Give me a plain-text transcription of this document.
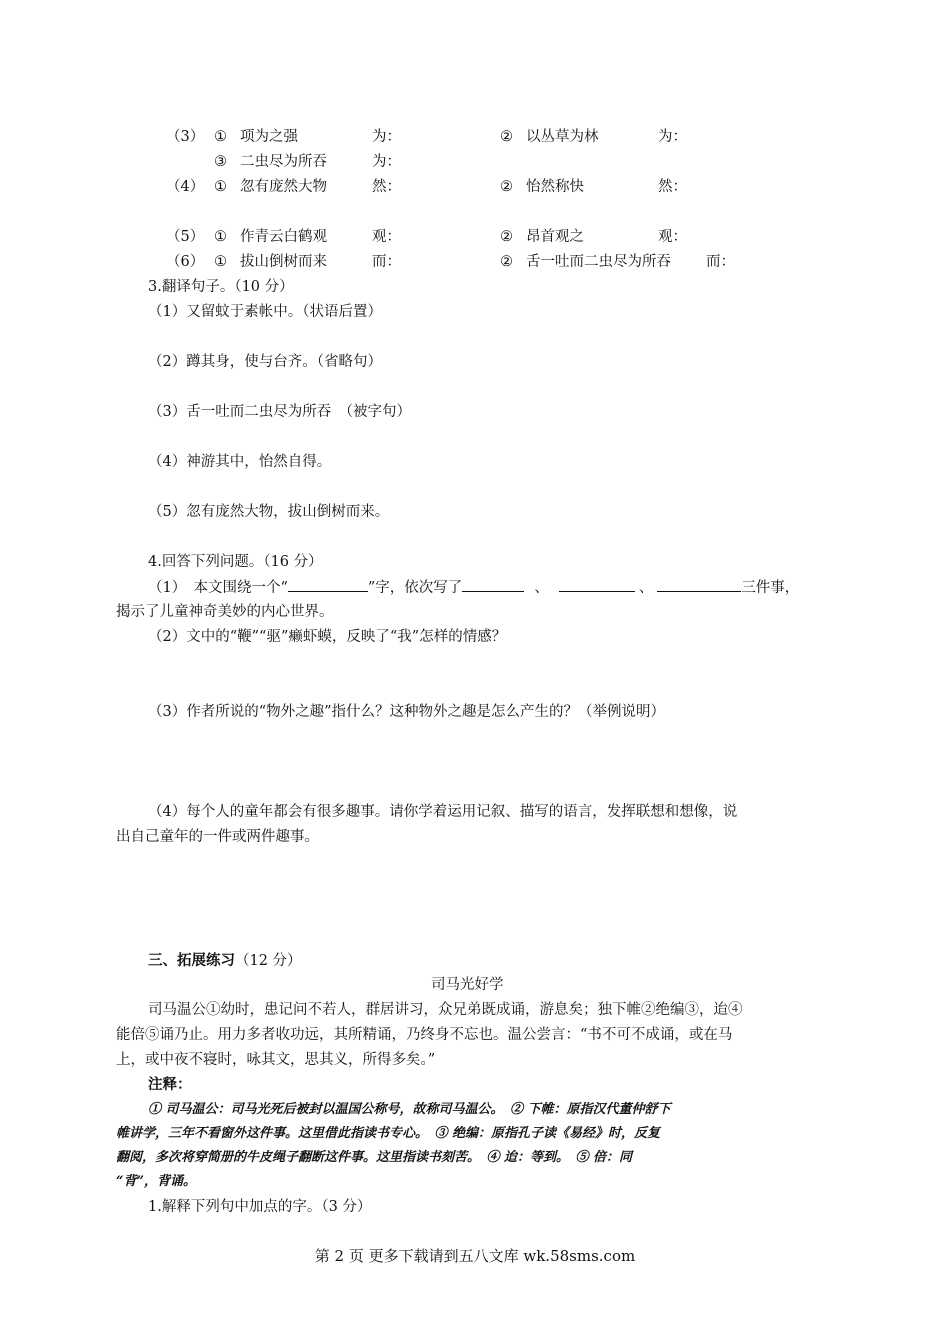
（3） ① 项为之强	为：	② 以丛草为林	为：
③ 二虫尽为所吞	为：
（4） ① 忽有庞然大物	然：	② 怡然称快	然：
（5） ① 作青云白鹤观	观：	② 昂首观之	观：
（6） ① 拔山倒树而来	而：	② 舌一吐而二虫尽为所吞 而：
3.翻译句子。（10 分）
（1）又留蚊于素帐中。（状语后置）
（2）蹲其身，使与台齐。（省略句）
（3）舌一吐而二虫尽为所吞　（被字句）
（4）神游其中，怡然自得。
（5）忽有庞然大物，拔山倒树而来。
4.回答下列问题。（16 分）
（1）　本文围绕一个“	”字，依次写了	、	、	三件事，
揭示了儿童神奇美妙的内心世界。
（2）文中的“鞭”“驱”癞虾蟆，反映了“我”怎样的情感？
（3）作者所说的“物外之趣”指什么？这种物外之趣是怎么产生的？（举例说明）
（4）每个人的童年都会有很多趣事。请你学着运用记叙、描写的语言，发挥联想和想像，说
出自己童年的一件或两件趣事。
三、拓展练习（12 分）
司马光好学
司马温公①幼时，患记问不若人，群居讲习，众兄弟既成诵，游息矣；独下帷②绝编③，迨④
能倍⑤诵乃止。用力多者收功远，其所精诵，乃终身不忘也。温公尝言：“书不可不成诵，或在马
上，或中夜不寝时，咏其文，思其义，所得多矣。”
注释：
① 司马温公：司马光死后被封以温国公称号，故称司马温公。　② 下帷：原指汉代董仲舒下
帷讲学，三年不看窗外这件事。这里借此指读书专心。　③ 绝编：原指孔子读《易经》时，反复
翻阅，多次将穿简册的牛皮绳子翻断这件事。这里指读书刻苦。　④ 迨：等到。　⑤ 倍：同
“背”，背诵。
1.解释下列句中加点的字。（3 分）
第 2 页 更多下载请到五八文库 wk.58sms.com
